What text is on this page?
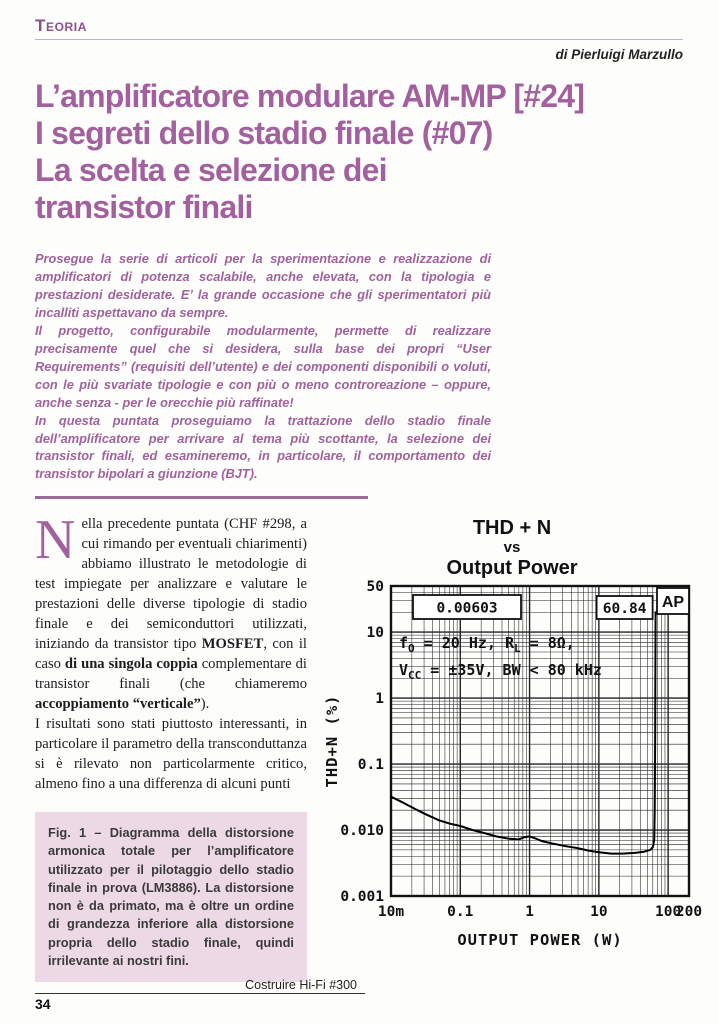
TEORIA
di Pierluigi Marzullo
L’amplificatore modulare AM-MP [#24]
I segreti dello stadio finale (#07)
La scelta e selezione dei
transistor finali

Prosegue la serie di articoli per la sperimentazione e realizzazione di amplificatori di potenza scalabile, anche elevata, con la tipologia e prestazioni desiderate. E’ la grande occasione che gli sperimentatori più incalliti aspettavano da sempre.

Il progetto, configurabile modularmente, permette di realizzare precisamente quel che si desidera, sulla base dei propri “User Requirements” (requisiti dell’utente) e dei componenti disponibili o voluti, con le più svariate tipologie e con più o meno controreazione – oppure, anche senza - per le orecchie più raffinate!

In questa puntata proseguiamo la trattazione dello stadio finale dell’amplificatore per arrivare al tema più scottante, la selezione dei transistor finali, ed esamineremo, in particolare, il comportamento dei transistor bipolari a giunzione (BJT).

Nella precedente puntata (CHF #298, a cui rimando per eventuali chiarimenti) abbiamo illustrato le metodologie di test impiegate per analizzare e valutare le prestazioni delle diverse tipologie di stadio finale e dei semiconduttori utilizzati, iniziando da transistor tipo MOSFET, con il caso di una singola coppia complementare di transistor finali (che chiameremo accoppiamento “verticale”).

I risultati sono stati piuttosto interessanti, in particolare il parametro della transconduttanza si è rilevato non particolarmente critico, almeno fino a una differenza di alcuni punti

Fig. 1 – Diagramma della distorsione armonica totale per l’amplificatore utilizzato per il pilotaggio dello stadio finale in prova (LM3886). La distorsione non è da primato, ma è oltre un ordine di grandezza inferiore alla distorsione propria dello stadio finale, quindi irrilevante ai nostri fini.

THD + N
vs
Output Power
50
10
1
0.1
0.010
0.001
10m	0.1	1	10	100
200
0.00603	60.84 AP
$f_O = 20$ Hz, $R_L = 8\Omega$,
$V_{CC} = \pm 35V$, BW < 80 kHz
THD+N (%)
OUTPUT POWER (W)
Costruire Hi-Fi #300
34
